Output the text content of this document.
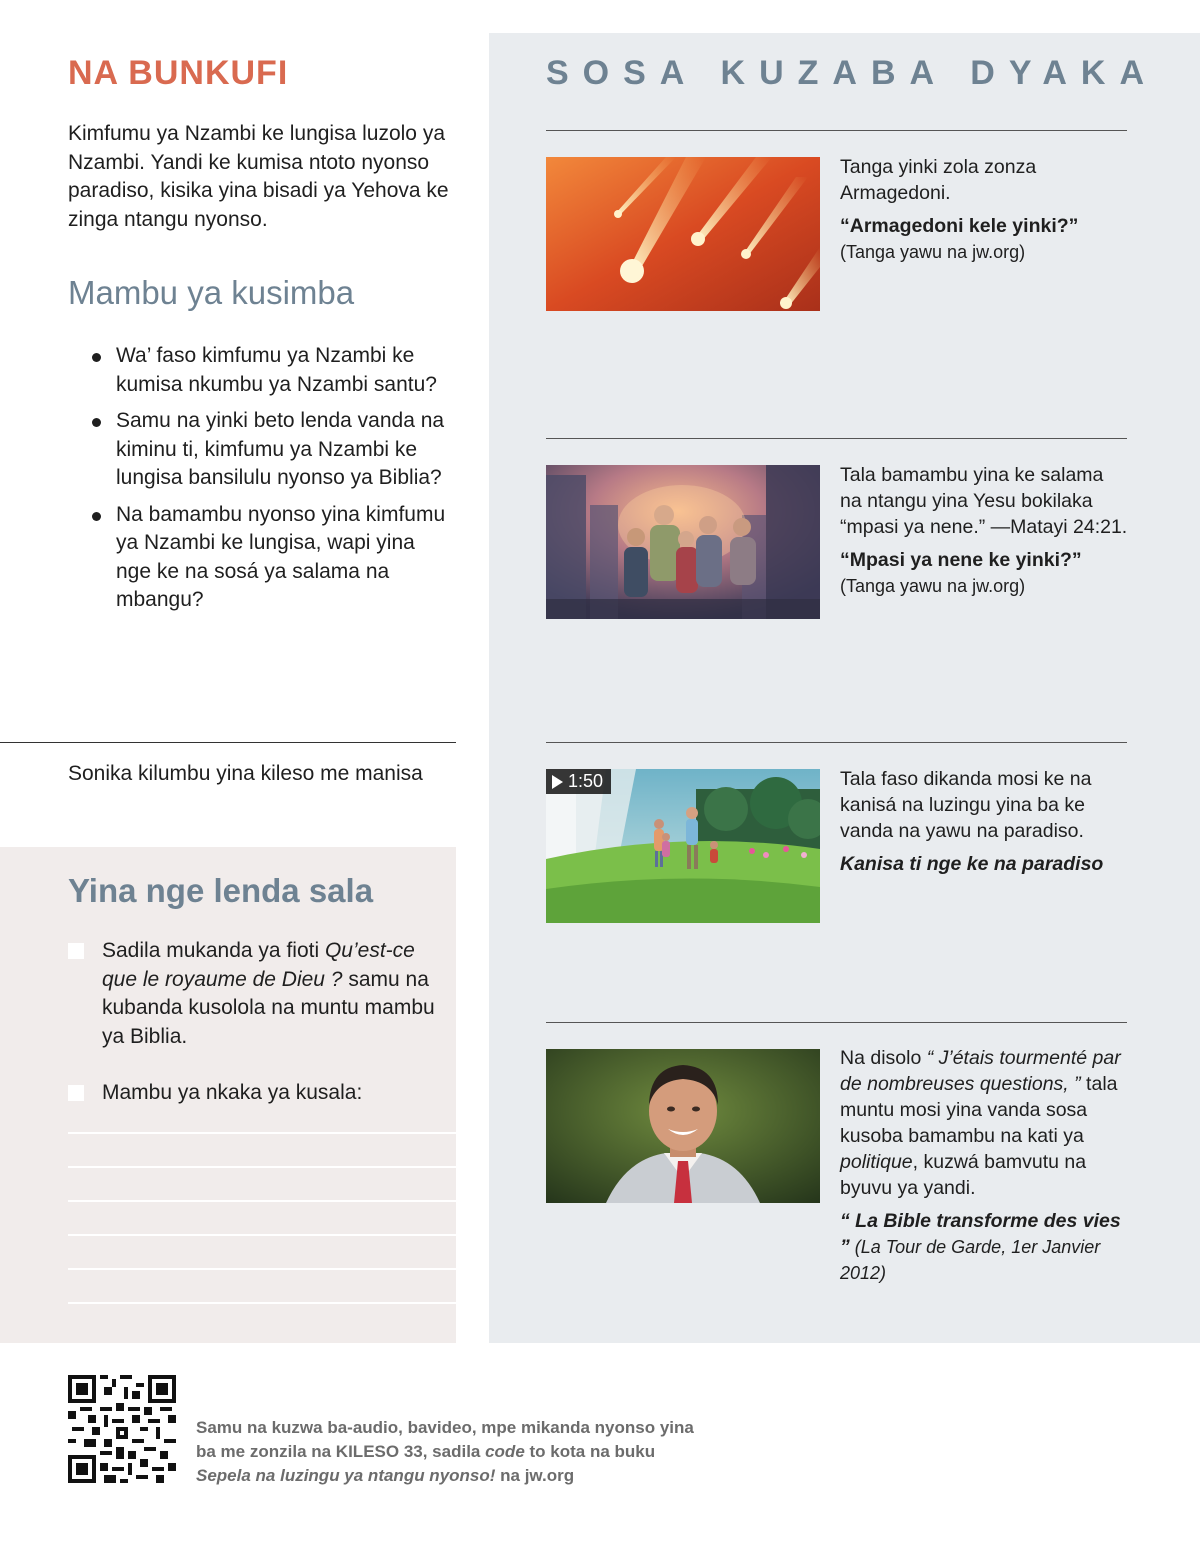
NA BUNKUFI

Kimfumu ya Nzambi ke lungisa luzolo ya Nzambi. Yandi ke kumisa ntoto nyonso paradiso, kisika yina bisadi ya Yehova ke zinga ntangu nyonso.

Mambu ya kusimba
Wa’ faso kimfumu ya Nzambi ke kumisa nkumbu ya Nzambi santu?
Samu na yinki beto lenda vanda na kiminu ti, kimfumu ya Nzambi ke lungisa bansilulu nyonso ya Biblia?
Na bamambu nyonso yina kimfumu ya Nzambi ke lungisa, wapi yina nge ke na sosá ya salama na mbangu?
Sonika kilumbu yina kileso me manisa
Yina nge lenda sala
Sadila mukanda ya fioti Qu’est-ce que le royaume de Dieu ? samu na kubanda kusolola na muntu mambu ya Biblia.
Mambu ya nkaka ya kusala:
SOSA KUZABA DYAKA
Tanga yinki zola zonza Armagedoni.
“Armagedoni kele yinki?”
(Tanga yawu na jw.org)
Tala bamambu yina ke salama na ntangu yina Yesu bokilaka “mpasi ya nene.” —Matayi 24:21.
“Mpasi ya nene ke yinki?”
(Tanga yawu na jw.org)
1:50	Tala faso dikanda mosi ke na kanisá na luzingu yina ba ke vanda na yawu na paradiso.
Kanisa ti nge ke na paradiso
Na disolo “ J’étais tourmenté par de nombreuses questions, ” tala muntu mosi yina vanda sosa kusoba bamambu na kati ya politique, kuzwá bamvutu na byuvu ya yandi.
“ La Bible transforme des vies ” (La Tour de Garde, 1er Janvier 2012)

Samu na kuzwa ba-audio, bavideo, mpe mikanda nyonso yina ba me zonzila na KILESO 33, sadila code to kota na buku Sepela na luzingu ya ntangu nyonso! na jw.org
